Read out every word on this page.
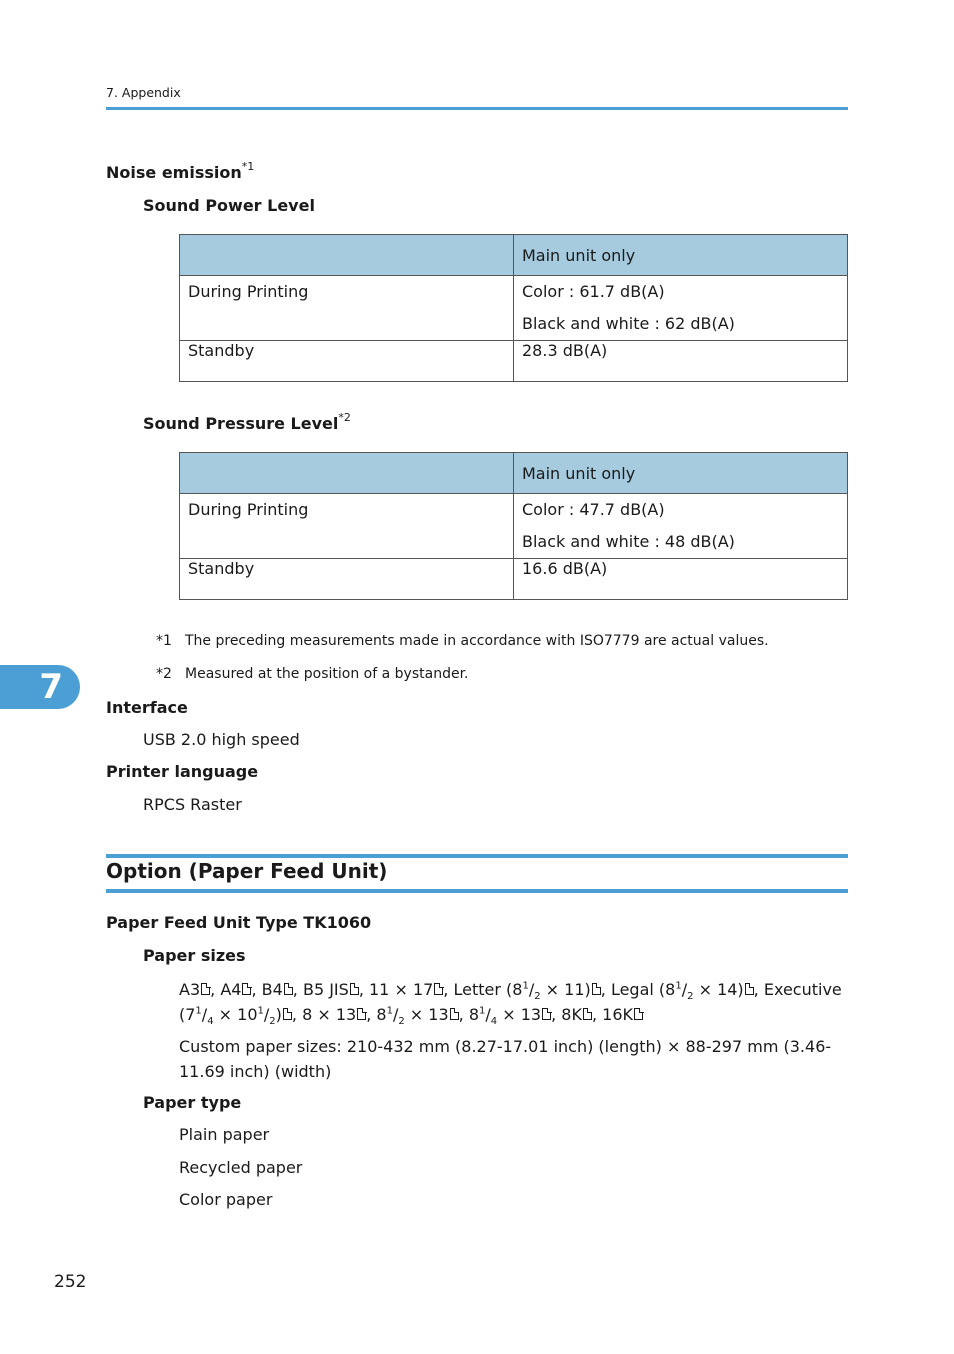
7. Appendix
Noise emission$^{*1}$
Sound Power Level
	Main unit only

During Printing	Color : 61.7 dB(A)
Black and white : 62 dB(A)

Standby	28.3 dB(A)
Sound Pressure Level$^{*2}$
	Main unit only

During Printing	Color : 47.7 dB(A)
Black and white : 48 dB(A)

Standby	16.6 dB(A)
*1 The preceding measurements made in accordance with ISO7779 are actual values.
*2 Measured at the position of a bystander.
7
Interface
USB 2.0 high speed
Printer language
RPCS Raster
Option (Paper Feed Unit)
Paper Feed Unit Type TK1060
Paper sizes
A3 , A4 , B4 , B5 JIS , 11 × 17 , Letter $(8^1/_2 \times 11)$ , Legal $(8^1/_2 \times 14)$ , Executive $(7^1/_4 \times 10^1/_2)$ , 8 × 13 , $8^1/_2 \times 13$ , $8^1/_4 \times 13$ , 8K , 16K
Custom paper sizes: 210-432 mm (8.27-17.01 inch) (length) × 88-297 mm (3.46-11.69 inch) (width)
Paper type
Plain paper
Recycled paper
Color paper
252
